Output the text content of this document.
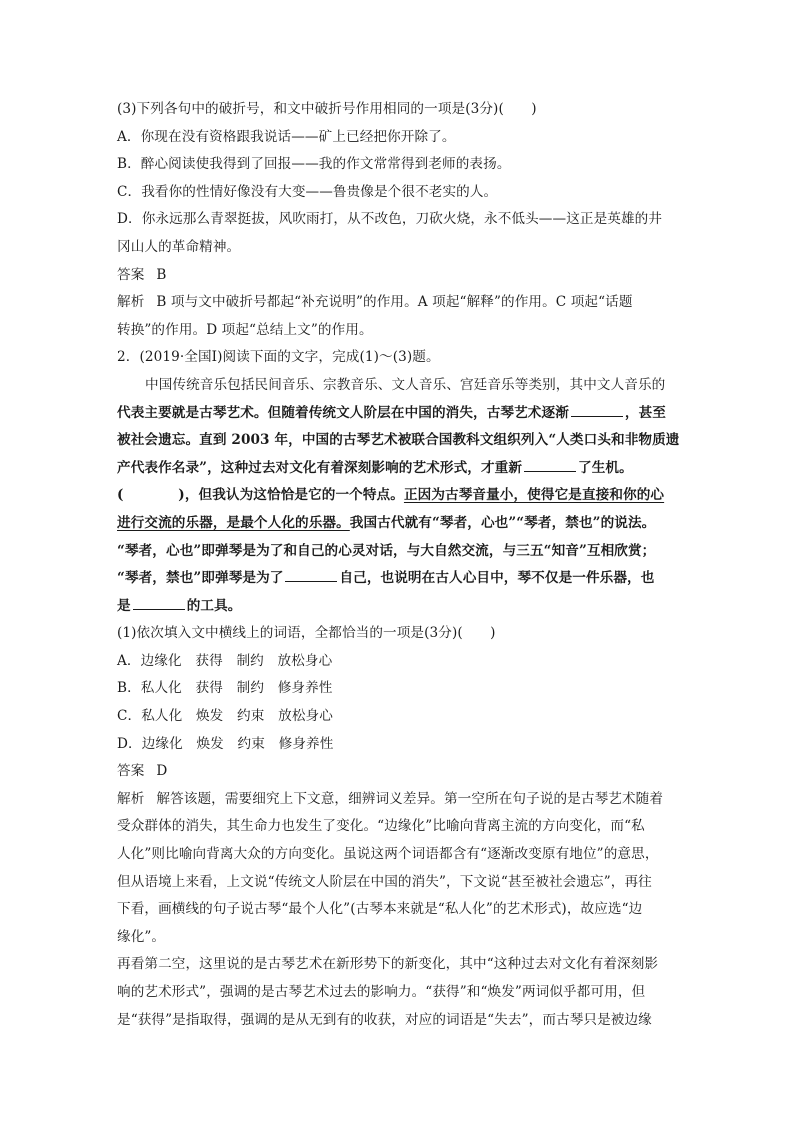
(3)下列各句中的破折号，和文中破折号作用相同的一项是(3分)(　　)
A．你现在没有资格跟我说话——矿上已经把你开除了。
B．醉心阅读使我得到了回报——我的作文常常得到老师的表扬。
C．我看你的性情好像没有大变——鲁贵像是个很不老实的人。
D．你永远那么青翠挺拔，风吹雨打，从不改色，刀砍火烧，永不低头——这正是英雄的井
冈山人的革命精神。
答案 B
解析 B 项与文中破折号都起“补充说明”的作用。A 项起“解释”的作用。C 项起“话题
转换”的作用。D 项起“总结上文”的作用。
2．(2019·全国Ⅰ)阅读下面的文字，完成(1)～(3)题。
中国传统音乐包括民间音乐、宗教音乐、文人音乐、宫廷音乐等类别，其中文人音乐的
代表主要就是古琴艺术。但随着传统文人阶层在中国的消失，古琴艺术逐渐	，甚至
被社会遗忘。直到 2003 年，中国的古琴艺术被联合国教科文组织列入“人类口头和非物质遗
产代表作名录”，这种过去对文化有着深刻影响的艺术形式，才重新	了生机。
(　　　　)，但我认为这恰恰是它的一个特点。正因为古琴音量小，使得它是直接和你的心
进行交流的乐器，是最个人化的乐器。我国古代就有“琴者，心也”“琴者，禁也”的说法。
“琴者，心也”即弹琴是为了和自己的心灵对话，与大自然交流，与三五“知音”互相欣赏；
“琴者，禁也”即弹琴是为了	自己，也说明在古人心目中，琴不仅是一件乐器，也
是	的工具。
(1)依次填入文中横线上的词语，全都恰当的一项是(3分)(　　)
A．边缘化　获得　制约　放松身心
B．私人化　获得　制约　修身养性
C．私人化　焕发　约束　放松身心
D．边缘化　焕发　约束　修身养性
答案 D
解析 解答该题，需要细究上下文意，细辨词义差异。第一空所在句子说的是古琴艺术随着
受众群体的消失，其生命力也发生了变化。“边缘化”比喻向背离主流的方向变化，而“私
人化”则比喻向背离大众的方向变化。虽说这两个词语都含有“逐渐改变原有地位”的意思，
但从语境上来看，上文说“传统文人阶层在中国的消失”，下文说“甚至被社会遗忘”，再往
下看，画横线的句子说古琴“最个人化”(古琴本来就是“私人化”的艺术形式)，故应选“边
缘化”。
再看第二空，这里说的是古琴艺术在新形势下的新变化，其中“这种过去对文化有着深刻影
响的艺术形式”，强调的是古琴艺术过去的影响力。“获得”和“焕发”两词似乎都可用，但
是“获得”是指取得，强调的是从无到有的收获，对应的词语是“失去”，而古琴只是被边缘
